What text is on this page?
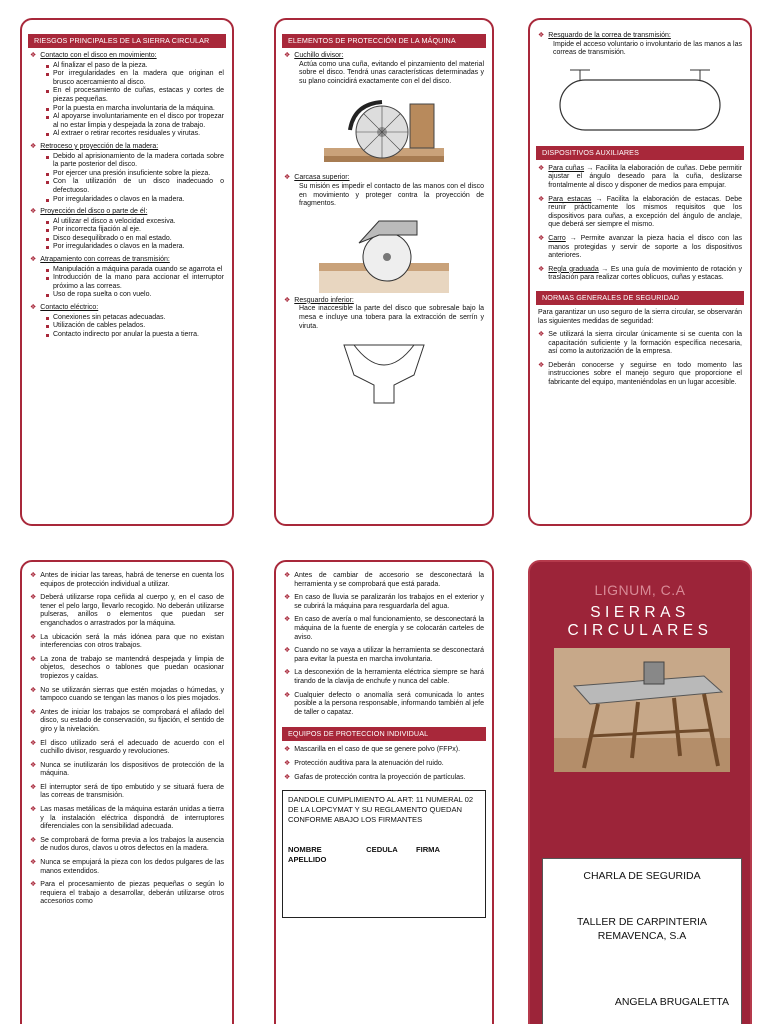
RIESGOS PRINCIPALES DE LA SIERRA CIRCULAR
❖ Contacto con el disco en movimiento:
Al finalizar el paso de la pieza.
Por irregularidades en la madera que originan el brusco acercamiento al disco.
En el procesamiento de cuñas, estacas y cortes de piezas pequeñas.
Por la puesta en marcha involuntaria de la máquina.
Al apoyarse involuntariamente en el disco por tropezar al no estar limpia y despejada la zona de trabajo.
Al extraer o retirar recortes residuales y virutas.
❖ Retroceso y proyección de la madera:
Debido al aprisionamiento de la madera cortada sobre la parte posterior del disco.
Por ejercer una presión insuficiente sobre la pieza.
Con la utilización de un disco inadecuado o defectuoso.
Por irregularidades o clavos en la madera.
❖ Proyección del disco o parte de él:
Al utilizar el disco a velocidad excesiva.
Por incorrecta fijación al eje.
Disco desequilibrado o en mal estado.
Por irregularidades o clavos en la madera.
❖ Atrapamiento con correas de transmisión:
Manipulación a máquina parada cuando se agarrota el
Introducción de la mano para accionar el interruptor próximo a las correas.
Uso de ropa suelta o con vuelo.
❖ Contacto eléctrico:
Conexiones sin petacas adecuadas.
Utilización de cables pelados.
Contacto indirecto por anular la puesta a tierra.
ELEMENTOS DE PROTECCIÓN DE LA MÁQUINA
❖ Cuchillo divisor:
Actúa como una cuña, evitando el pinzamiento del material sobre el disco. Tendrá unas características determinadas y su plano coincidirá exactamente con el del disco.
❖ Carcasa superior:
Su misión es impedir el contacto de las manos con el disco en movimiento y proteger contra la proyección de fragmentos.
❖ Resguardo inferior:
Hace inaccesible la parte del disco que sobresale bajo la mesa e incluye una tobera para la extracción de serrín y viruta.
❖ Resguardo de la correa de transmisión:
Impide el acceso voluntario o involuntario de las manos a las correas de transmisión.
DISPOSITIVOS AUXILIARES
❖ Para cuñas → Facilita la elaboración de cuñas. Debe permitir ajustar el ángulo deseado para la cuña, deslizarse frontalmente al disco y disponer de medios para empujar.
❖ Para estacas → Facilita la elaboración de estacas. Debe reunir prácticamente los mismos requisitos que los dispositivos para cuñas, a excepción del ángulo de anclaje, que deberá ser siempre el mismo.
❖ Carro → Permite avanzar la pieza hacia el disco con las manos protegidas y servir de soporte a los dispositivos anteriores.
❖ Regla graduada → Es una guía de movimiento de rotación y traslación para realizar cortes oblicuos, cuñas y estacas.
NORMAS GENERALES DE SEGURIDAD
Para garantizar un uso seguro de la sierra circular, se observarán las siguientes medidas de seguridad:
❖ Se utilizará la sierra circular únicamente si se cuenta con la capacitación suficiente y la formación específica necesaria, así como la autorización de la empresa.
❖ Deberán conocerse y seguirse en todo momento las instrucciones sobre el manejo seguro que proporcione el fabricante del equipo, manteniéndolas en un lugar accesible.
❖ Antes de iniciar las tareas, habrá de tenerse en cuenta los equipos de protección individual a utilizar.
❖ Deberá utilizarse ropa ceñida al cuerpo y, en el caso de tener el pelo largo, llevarlo recogido. No deberán utilizarse pulseras, anillos o elementos que puedan ser enganchados o arrastrados por la máquina.
❖ La ubicación será la más idónea para que no existan interferencias con otros trabajos.
❖ La zona de trabajo se mantendrá despejada y limpia de objetos, desechos o tablones que puedan ocasionar tropiezos y caídas.
❖ No se utilizarán sierras que estén mojadas o húmedas, y tampoco cuando se tengan las manos o los pies mojados.
❖ Antes de iniciar los trabajos se comprobará el afilado del disco, su estado de conservación, su fijación, el sentido de giro y la nivelación.
❖ El disco utilizado será el adecuado de acuerdo con el cuchillo divisor, resguardo y revoluciones.
❖ Nunca se inutilizarán los dispositivos de protección de la máquina.
❖ El interruptor será de tipo embutido y se situará fuera de las correas de transmisión.
❖ Las masas metálicas de la máquina estarán unidas a tierra y la instalación eléctrica dispondrá de interruptores diferenciales con la sensibilidad adecuada.
❖ Se comprobará de forma previa a los trabajos la ausencia de nudos duros, clavos u otros defectos en la madera.
❖ Nunca se empujará la pieza con los dedos pulgares de las manos extendidos.
❖ Para el procesamiento de piezas pequeñas o según lo requiera el trabajo a desarrollar, deberán utilizarse otros accesorios como
❖ Antes de cambiar de accesorio se desconectará la herramienta y se comprobará que está parada.
❖ En caso de lluvia se paralizarán los trabajos en el exterior y se cubrirá la máquina para resguardarla del agua.
❖ En caso de avería o mal funcionamiento, se desconectará la máquina de la fuente de energía y se colocarán carteles de aviso.
❖ Cuando no se vaya a utilizar la herramienta se desconectará para evitar la puesta en marcha involuntaria.
❖ La desconexión de la herramienta eléctrica siempre se hará tirando de la clavija de enchufe y nunca del cable.
❖ Cualquier defecto o anomalía será comunicada lo antes posible a la persona responsable, informando también al jefe de taller o capataz.
EQUIPOS DE PROTECCION INDIVIDUAL
❖ Mascarilla en el caso de que se genere polvo (FFPx).
❖ Protección auditiva para la atenuación del ruido.
❖ Gafas de protección contra la proyección de partículas.
DANDOLE CUMPLIMIENTO AL ART: 11 NUMERAL 02 DE LA LOPCYMAT Y SU REGLAMENTO QUEDAN CONFORME ABAJO LOS FIRMANTES
NOMBRE APELLIDO
CEDULA FIRMA
LIGNUM, C.A
SIERRAS CIRCULARES
CHARLA DE SEGURIDA
TALLER DE CARPINTERIA REMAVENCA, S.A
ANGELA BRUGALETTA
